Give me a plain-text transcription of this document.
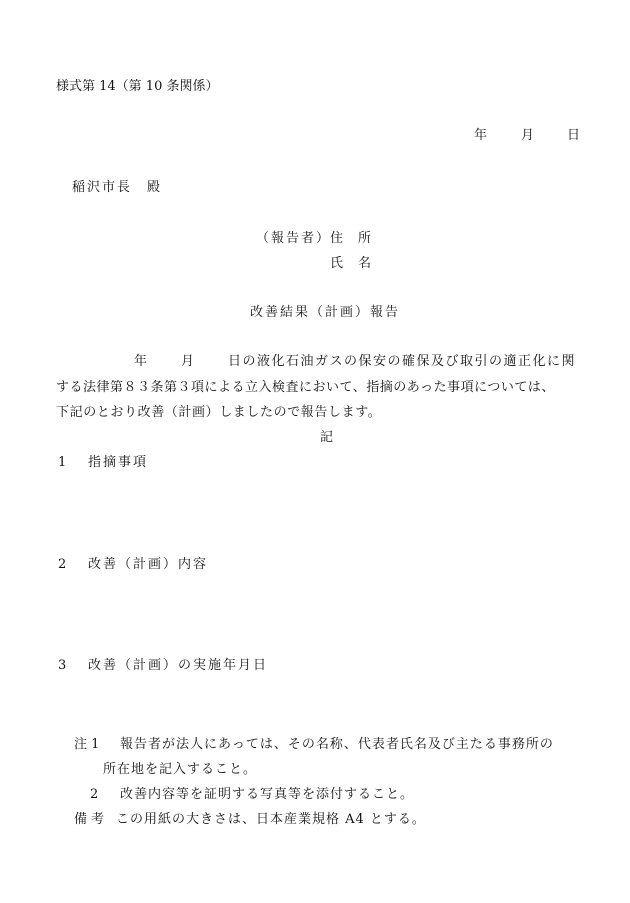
様式第 14（第 10 条関係）
年	月	日
稲沢市長　殿
（報告者）
住　所
氏　名
改善結果（計画）報告
年	月	日の液化石油ガスの保安の確保及び取引の適正化に関
する法律第８３条第３項による立入検査において、指摘のあった事項については、
下記のとおり改善（計画）しましたので報告します。
記
1 指摘事項
2 改善（計画）内容
3 改善（計画）の実施年月日
注 1 報告者が法人にあっては、その名称、代表者氏名及び主たる事務所の
所在地を記入すること。
2 改善内容等を証明する写真等を添付すること。
備考 この用紙の大きさは、日本産業規格 A4 とする。
